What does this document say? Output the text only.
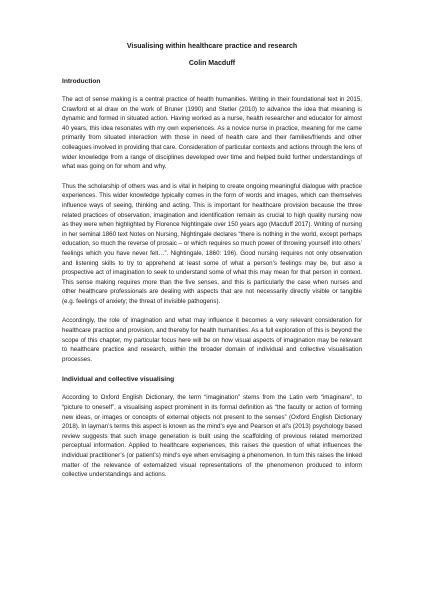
Visualising within healthcare practice and research
Colin Macduff
Introduction

The act of sense making is a central practice of health humanities. Writing in their foundational text in 2015, Crawford et al draw on the work of Bruner (1990) and Stetler (2010) to advance the idea that meaning is dynamic and formed in situated action. Having worked as a nurse, health researcher and educator for almost 40 years, this idea resonates with my own experiences. As a novice nurse in practice, meaning for me came primarily from situated interaction with those in need of health care and their families/friends and other colleagues involved in providing that care. Consideration of particular contexts and actions through the lens of wider knowledge from a range of disciplines developed over time and helped build further understandings of what was going on for whom and why.

Thus the scholarship of others was and is vital in helping to create ongoing meaningful dialogue with practice experiences. This wider knowledge typically comes in the form of words and images, which can themselves influence ways of seeing, thinking and acting. This is important for healthcare provision because the three related practices of observation, imagination and identification remain as crucial to high quality nursing now as they were when highlighted by Florence Nightingale over 150 years ago (Macduff 2017). Writing of nursing in her seminal 1860 text Notes on Nursing, Nightingale declares “there is nothing in the world, except perhaps education, so much the reverse of prosaic – or which requires so much power of throwing yourself into others’ feelings which you have never felt…”. Nightingale, 1860: 196). Good nursing requires not only observation and listening skills to try to apprehend at least some of what a person’s feelings may be, but also a prospective act of imagination to seek to understand some of what this may mean for that person in context. This sense making requires more than the five senses, and this is particularly the case when nurses and other healthcare professionals are dealing with aspects that are not necessarily directly visible or tangible (e.g. feelings of anxiety; the threat of invisible pathogens).

Accordingly, the role of imagination and what may influence it becomes a very relevant consideration for healthcare practice and provision, and thereby for health humanities. As a full exploration of this is beyond the scope of this chapter, my particular focus here will be on how visual aspects of imagination may be relevant to healthcare practice and research, within the broader domain of individual and collective visualisation processes.

Individual and collective visualising

According to Oxford English Dictionary, the term “imagination” stems from the Latin verb “imaginare”, to “picture to oneself”, a visualising aspect prominent in its formal definition as “the faculty or action of forming new ideas, or images or concepts of external objects not present to the senses” (Oxford English Dictionary 2018). In layman’s terms this aspect is known as the mind’s eye and Pearson et al’s (2013) psychology based review suggests that such image generation is built using the scaffolding of previous related memorized perceptual information. Applied to healthcare experiences, this raises the question of what influences the individual practitioner’s (or patient’s) mind’s eye when envisaging a phenomenon. In turn this raises the linked matter of the relevance of externalized visual representations of the phenomenon produced to inform collective understandings and actions.
